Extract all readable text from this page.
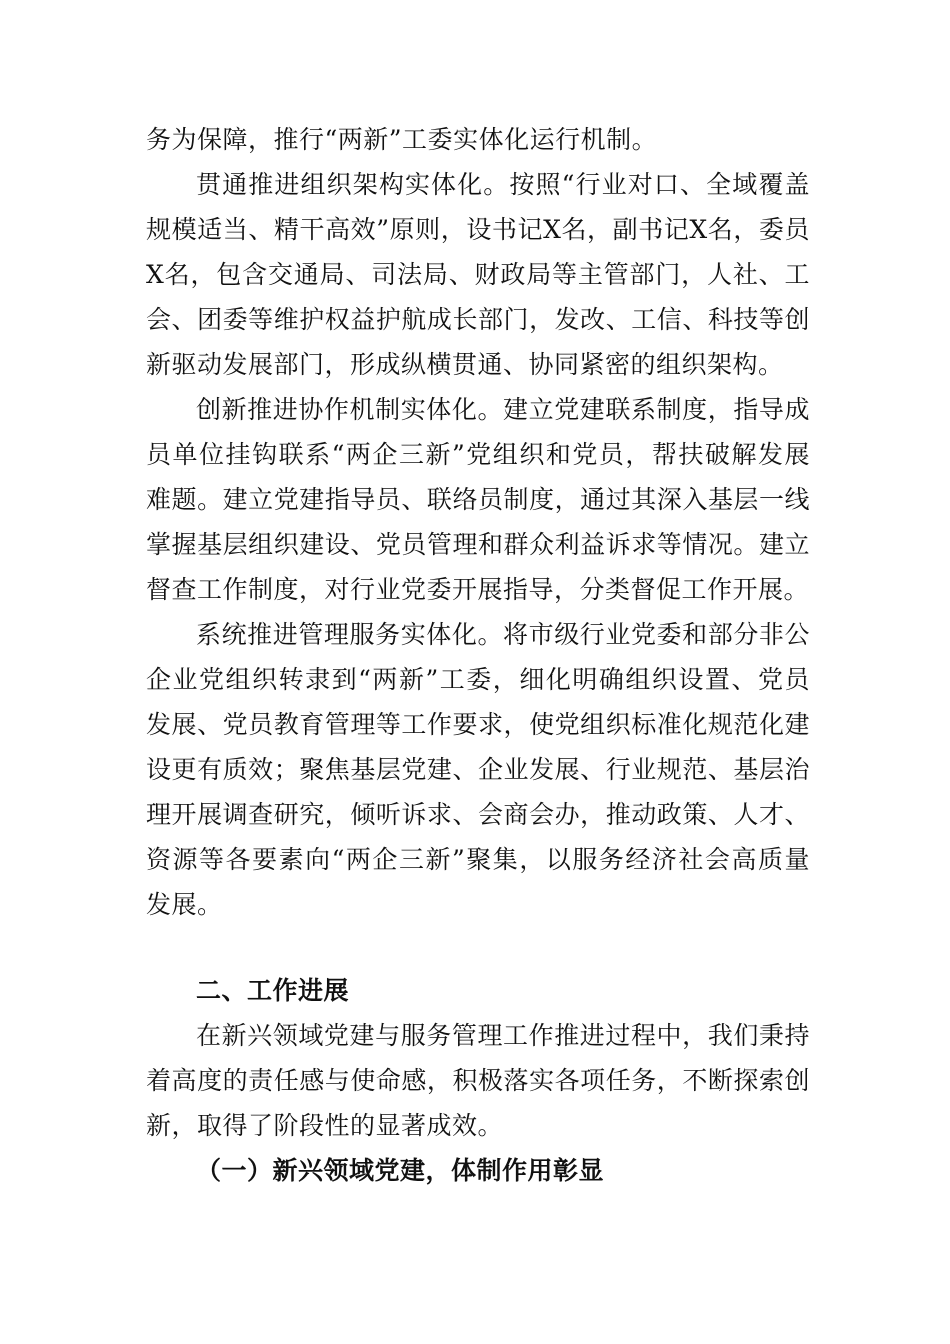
务为保障，推行“两新”工委实体化运行机制。

贯通推进组织架构实体化。按照“行业对口、全域覆盖规模适当、精干高效”原则，设书记X名，副书记X名，委员X名，包含交通局、司法局、财政局等主管部门，人社、工会、团委等维护权益护航成长部门，发改、工信、科技等创新驱动发展部门，形成纵横贯通、协同紧密的组织架构。

创新推进协作机制实体化。建立党建联系制度，指导成员单位挂钩联系“两企三新”党组织和党员，帮扶破解发展难题。建立党建指导员、联络员制度，通过其深入基层一线掌握基层组织建设、党员管理和群众利益诉求等情况。建立督查工作制度，对行业党委开展指导，分类督促工作开展。

系统推进管理服务实体化。将市级行业党委和部分非公企业党组织转隶到“两新”工委，细化明确组织设置、党员发展、党员教育管理等工作要求，使党组织标准化规范化建设更有质效；聚焦基层党建、企业发展、行业规范、基层治理开展调查研究，倾听诉求、会商会办，推动政策、人才、资源等各要素向“两企三新”聚集，以服务经济社会高质量发展。

二、工作进展

在新兴领域党建与服务管理工作推进过程中，我们秉持着高度的责任感与使命感，积极落实各项任务，不断探索创新，取得了阶段性的显著成效。

（一）新兴领域党建，体制作用彰显
